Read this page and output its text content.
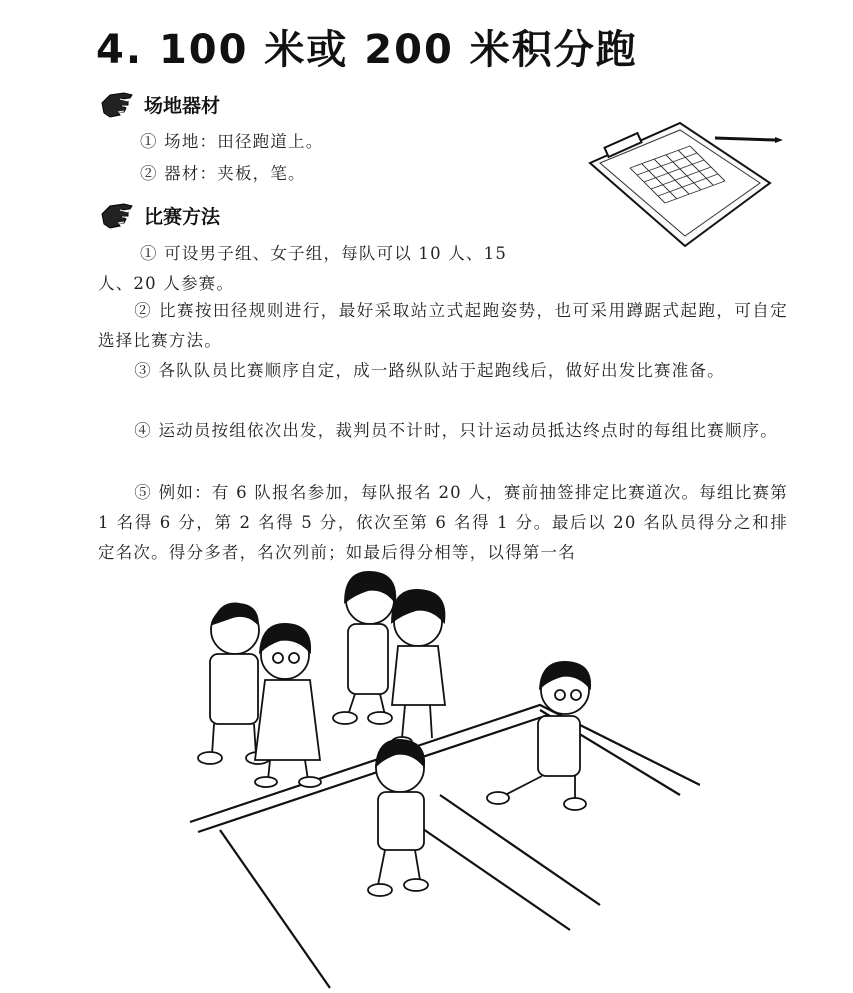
4. 100 米或 200 米积分跑
场地器材
① 场地：田径跑道上。
② 器材：夹板，笔。
比赛方法
① 可设男子组、女子组，每队可以 10 人、15
人、20 人参赛。
② 比赛按田径规则进行，最好采取站立式起跑姿势，也可采用蹲踞式起跑，可自定选择比赛方法。
③ 各队队员比赛顺序自定，成一路纵队站于起跑线后，做好出发比赛准备。
④ 运动员按组依次出发，裁判员不计时，只计运动员抵达终点时的每组比赛顺序。
⑤ 例如：有 6 队报名参加，每队报名 20 人，赛前抽签排定比赛道次。每组比赛第 1 名得 6 分，第 2 名得 5 分，依次至第 6 名得 1 分。最后以 20 名队员得分之和排定名次。得分多者，名次列前；如最后得分相等，以得第一名
